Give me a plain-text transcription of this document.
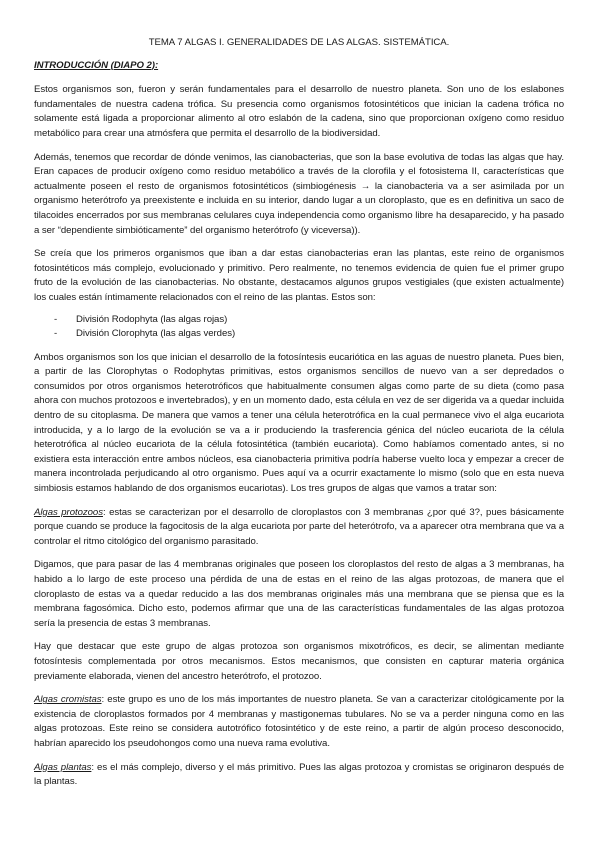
TEMA 7 ALGAS I. GENERALIDADES DE LAS ALGAS. SISTEMÁTICA.
INTRODUCCIÓN (DIAPO 2):

Estos organismos son, fueron y serán fundamentales para el desarrollo de nuestro planeta. Son uno de los eslabones fundamentales de nuestra cadena trófica. Su presencia como organismos fotosintéticos que inician la cadena trófica no solamente está ligada a proporcionar alimento al otro eslabón de la cadena, sino que proporcionan oxígeno como residuo metabólico para crear una atmósfera que permita el desarrollo de la biodiversidad.

Además, tenemos que recordar de dónde venimos, las cianobacterias, que son la base evolutiva de todas las algas que hay. Eran capaces de producir oxígeno como residuo metabólico a través de la clorofila y el fotosistema II, características que actualmente poseen el resto de organismos fotosintéticos (simbiogénesis → la cianobacteria va a ser asimilada por un organismo heterótrofo ya preexistente e incluida en su interior, dando lugar a un cloroplasto, que es en definitiva un saco de tilacoides encerrados por sus membranas celulares cuya independencia como organismo libre ha desaparecido, y ha pasado a ser “dependiente simbióticamente” del organismo heterótrofo (y viceversa)).

Se creía que los primeros organismos que iban a dar estas cianobacterias eran las plantas, este reino de organismos fotosintéticos más complejo, evolucionado y primitivo. Pero realmente, no tenemos evidencia de quien fue el primer grupo fruto de la evolución de las cianobacterias. No obstante, destacamos algunos grupos vestigiales (que existen actualmente) los cuales están íntimamente relacionados con el reino de las plantas. Estos son:

- División Rodophyta (las algas rojas)
- División Clorophyta (las algas verdes)

Ambos organismos son los que inician el desarrollo de la fotosíntesis eucariótica en las aguas de nuestro planeta. Pues bien, a partir de las Clorophytas o Rodophytas primitivas, estos organismos sencillos de nuevo van a ser depredados o consumidos por otros organismos heterotróficos que habitualmente consumen algas como parte de su dieta (como pasa ahora con muchos protozoos e invertebrados), y en un momento dado, esta célula en vez de ser digerida va a quedar incluida dentro de su citoplasma. De manera que vamos a tener una célula heterotrófica en la cual permanece vivo el alga eucariota introducida, y a lo largo de la evolución se va a ir produciendo la trasferencia génica del núcleo eucariota de la célula heterotrófica al núcleo eucariota de la célula fotosintética (también eucariota). Como habíamos comentado antes, si no existiera esta interacción entre ambos núcleos, esa cianobacteria primitiva podría haberse vuelto loca y empezar a crecer de manera incontrolada perjudicando al otro organismo. Pues aquí va a ocurrir exactamente lo mismo (solo que en esta nueva simbiosis estamos hablando de dos organismos eucariotas). Los tres grupos de algas que vamos a tratar son:

Algas protozoos: estas se caracterizan por el desarrollo de cloroplastos con 3 membranas ¿por qué 3?, pues básicamente porque cuando se produce la fagocitosis de la alga eucariota por parte del heterótrofo, va a aparecer otra membrana que va a controlar el ritmo citológico del organismo parasitado.

Digamos, que para pasar de las 4 membranas originales que poseen los cloroplastos del resto de algas a 3 membranas, ha habido a lo largo de este proceso una pérdida de una de estas en el reino de las algas protozoas, de manera que el cloroplasto de estas va a quedar reducido a las dos membranas originales más una membrana que se piensa que es la membrana fagosómica. Dicho esto, podemos afirmar que una de las características fundamentales de las algas protozoa sería la presencia de estas 3 membranas.

Hay que destacar que este grupo de algas protozoa son organismos mixotróficos, es decir, se alimentan mediante fotosíntesis complementada por otros mecanismos. Estos mecanismos, que consisten en capturar materia orgánica previamente elaborada, vienen del ancestro heterótrofo, el protozoo.

Algas cromistas: este grupo es uno de los más importantes de nuestro planeta. Se van a caracterizar citológicamente por la existencia de cloroplastos formados por 4 membranas y mastigonemas tubulares. No se va a perder ninguna como en las algas protozoas. Este reino se considera autotrófico fotosintético y de este reino, a partir de algún proceso desconocido, habrían aparecido los pseudohongos como una nueva rama evolutiva.

Algas plantas: es el más complejo, diverso y el más primitivo. Pues las algas protozoa y cromistas se originaron después de la plantas.
